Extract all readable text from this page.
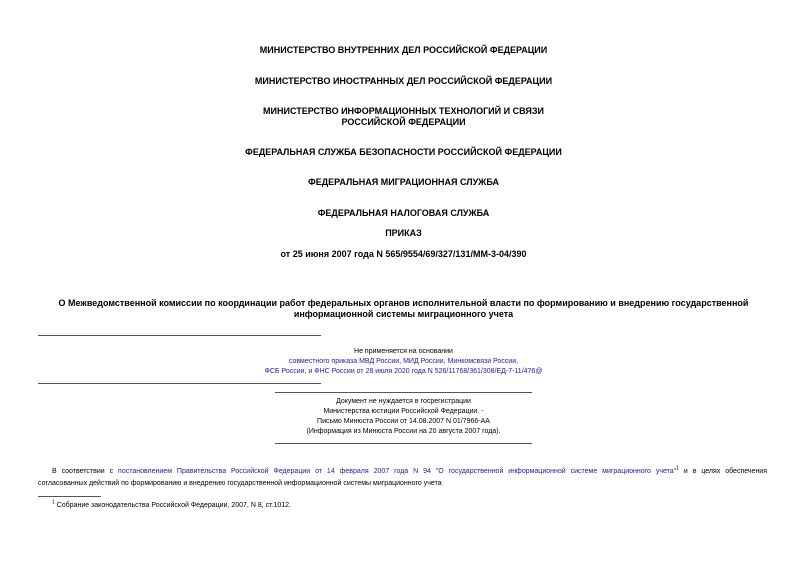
МИНИСТЕРСТВО ВНУТРЕННИХ ДЕЛ РОССИЙСКОЙ ФЕДЕРАЦИИ
МИНИСТЕРСТВО ИНОСТРАННЫХ ДЕЛ РОССИЙСКОЙ ФЕДЕРАЦИИ
МИНИСТЕРСТВО ИНФОРМАЦИОННЫХ ТЕХНОЛОГИЙ И СВЯЗИ
РОССИЙСКОЙ ФЕДЕРАЦИИ
ФЕДЕРАЛЬНАЯ СЛУЖБА БЕЗОПАСНОСТИ РОССИЙСКОЙ ФЕДЕРАЦИИ
ФЕДЕРАЛЬНАЯ МИГРАЦИОННАЯ СЛУЖБА
ФЕДЕРАЛЬНАЯ НАЛОГОВАЯ СЛУЖБА
ПРИКАЗ
от 25 июня 2007 года N 565/9554/69/327/131/ММ-3-04/390
О Межведомственной комиссии по координации работ федеральных органов исполнительной власти по формированию и внедрению государственной
информационной системы миграционного учета
Не применяется на основании
совместного приказа МВД России, МИД России, Минкомсвязи России,
ФСБ России, и ФНС России от 28 июля 2020 года N 526/11768/361/308/ЕД-7-11/476@
Документ не нуждается в госрегистрации
Министерства юстиции Российской Федерации. -
Письмо Минюста России от 14.08.2007 N 01/7966-АА
(Информация из Минюста России на 20 августа 2007 года).
В соответствии с постановлением Правительства Российской Федерации от 14 февраля 2007 года N 94 "О государственной информационной системе миграционного учета"$^1$ и в целях обеспечения
согласованных действий по формированию и внедрению государственной информационной системы миграционного учета
$^1$ Собрание законодательства Российской Федерации, 2007, N 8, ст.1012.
